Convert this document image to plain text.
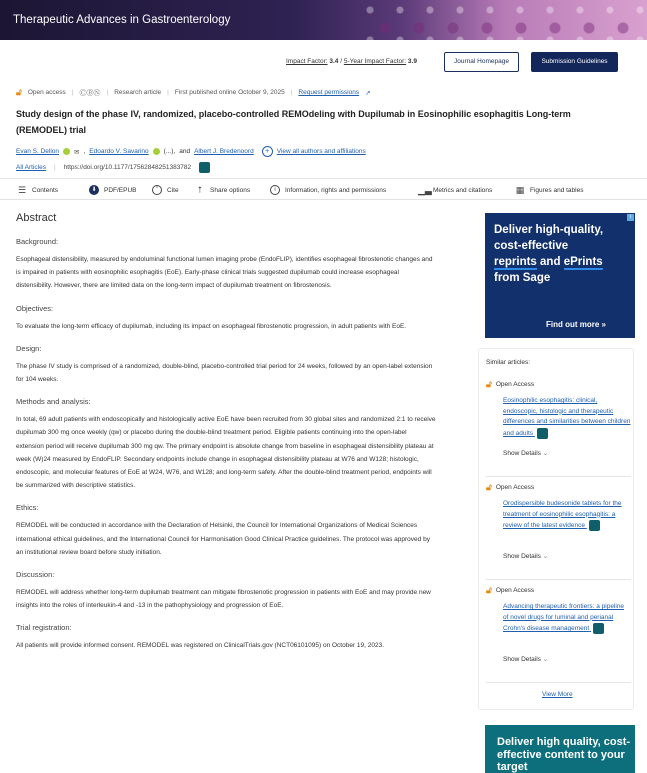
Therapeutic Advances in Gastroenterology
Impact Factor: 3.4 / 5-Year Impact Factor: 3.9	Journal Homepage	Submission Guidelines
🔓︎ Open access | ⒸⒷⓃ | Research article | First published online October 9, 2025 | Request permissions ↗
Study design of the phase IV, randomized, placebo-controlled REMOdeling with Dupilumab in Eosinophilic esophagitis Long-term (REMODEL) trial
Evan S. Dellon ✉ , Edoardo V. Savarino (...), and Albert J. Bredenoord	+	View all authors and affiliations
All Articles | https://doi.org/10.1177/17562848251383782
☰ Contents	⬇	PDF/EPUB	”	Cite	⭡	Share options	i	Information, rights and permissions	▁▃ Metrics and citations	▦ Figures and tables
Abstract
Background:
Esophageal distensibility, measured by endoluminal functional lumen imaging probe (EndoFLIP), identifies esophageal fibrostenotic changes and is impaired in patients with eosinophilic esophagitis (EoE). Early-phase clinical trials suggested dupilumab could increase esophageal distensibility. However, there are limited data on the long-term impact of dupilumab treatment on fibrostenosis.
Objectives:
To evaluate the long-term efficacy of dupilumab, including its impact on esophageal fibrostenotic progression, in adult patients with EoE.
Design:
The phase IV study is comprised of a randomized, double-blind, placebo-controlled trial period for 24 weeks, followed by an open-label extension for 104 weeks.
Methods and analysis:
In total, 69 adult patients with endoscopically and histologically active EoE have been recruited from 30 global sites and randomized 2:1 to receive dupilumab 300 mg once weekly (qw) or placebo during the double-blind treatment period. Eligible patients continuing into the open-label extension period will receive dupilumab 300 mg qw. The primary endpoint is absolute change from baseline in esophageal distensibility plateau at week (W)24 measured by EndoFLIP. Secondary endpoints include change in esophageal distensibility plateau at W76 and W128; histologic, endoscopic, and molecular features of EoE at W24, W76, and W128; and long-term safety. After the double-blind treatment period, endpoints will be summarized with descriptive statistics.
Ethics:
REMODEL will be conducted in accordance with the Declaration of Helsinki, the Council for International Organizations of Medical Sciences international ethical guidelines, and the International Council for Harmonisation Good Clinical Practice guidelines. The protocol was approved by an institutional review board before study initiation.
Discussion:
REMODEL will address whether long-term dupilumab treatment can mitigate fibrostenotic progression in patients with EoE and may provide new insights into the roles of interleukin-4 and -13 in the pathophysiology and progression of EoE.
Trial registration:
All patients will provide informed consent. REMODEL was registered on ClinicalTrials.gov (NCT06101095) on October 19, 2023.
i
Deliver high-quality,
cost-effective
reprints and ePrints
from Sage
Find out more »
Similar articles:
🔓︎ Open Access
Eosinophilic esophagitis: clinical, endoscopic, histologic and therapeutic differences and similarities between children and adults
Show Details ⌄
🔓︎ Open Access
Orodispersible budesonide tablets for the treatment of eosinophilic esophagitis: a review of the latest evidence
Show Details ⌄
🔓︎ Open Access
Advancing therapeutic frontiers: a pipeline of novel drugs for luminal and perianal Crohn's disease management
Show Details ⌄
View More
Deliver high quality, cost-effective content to your target
